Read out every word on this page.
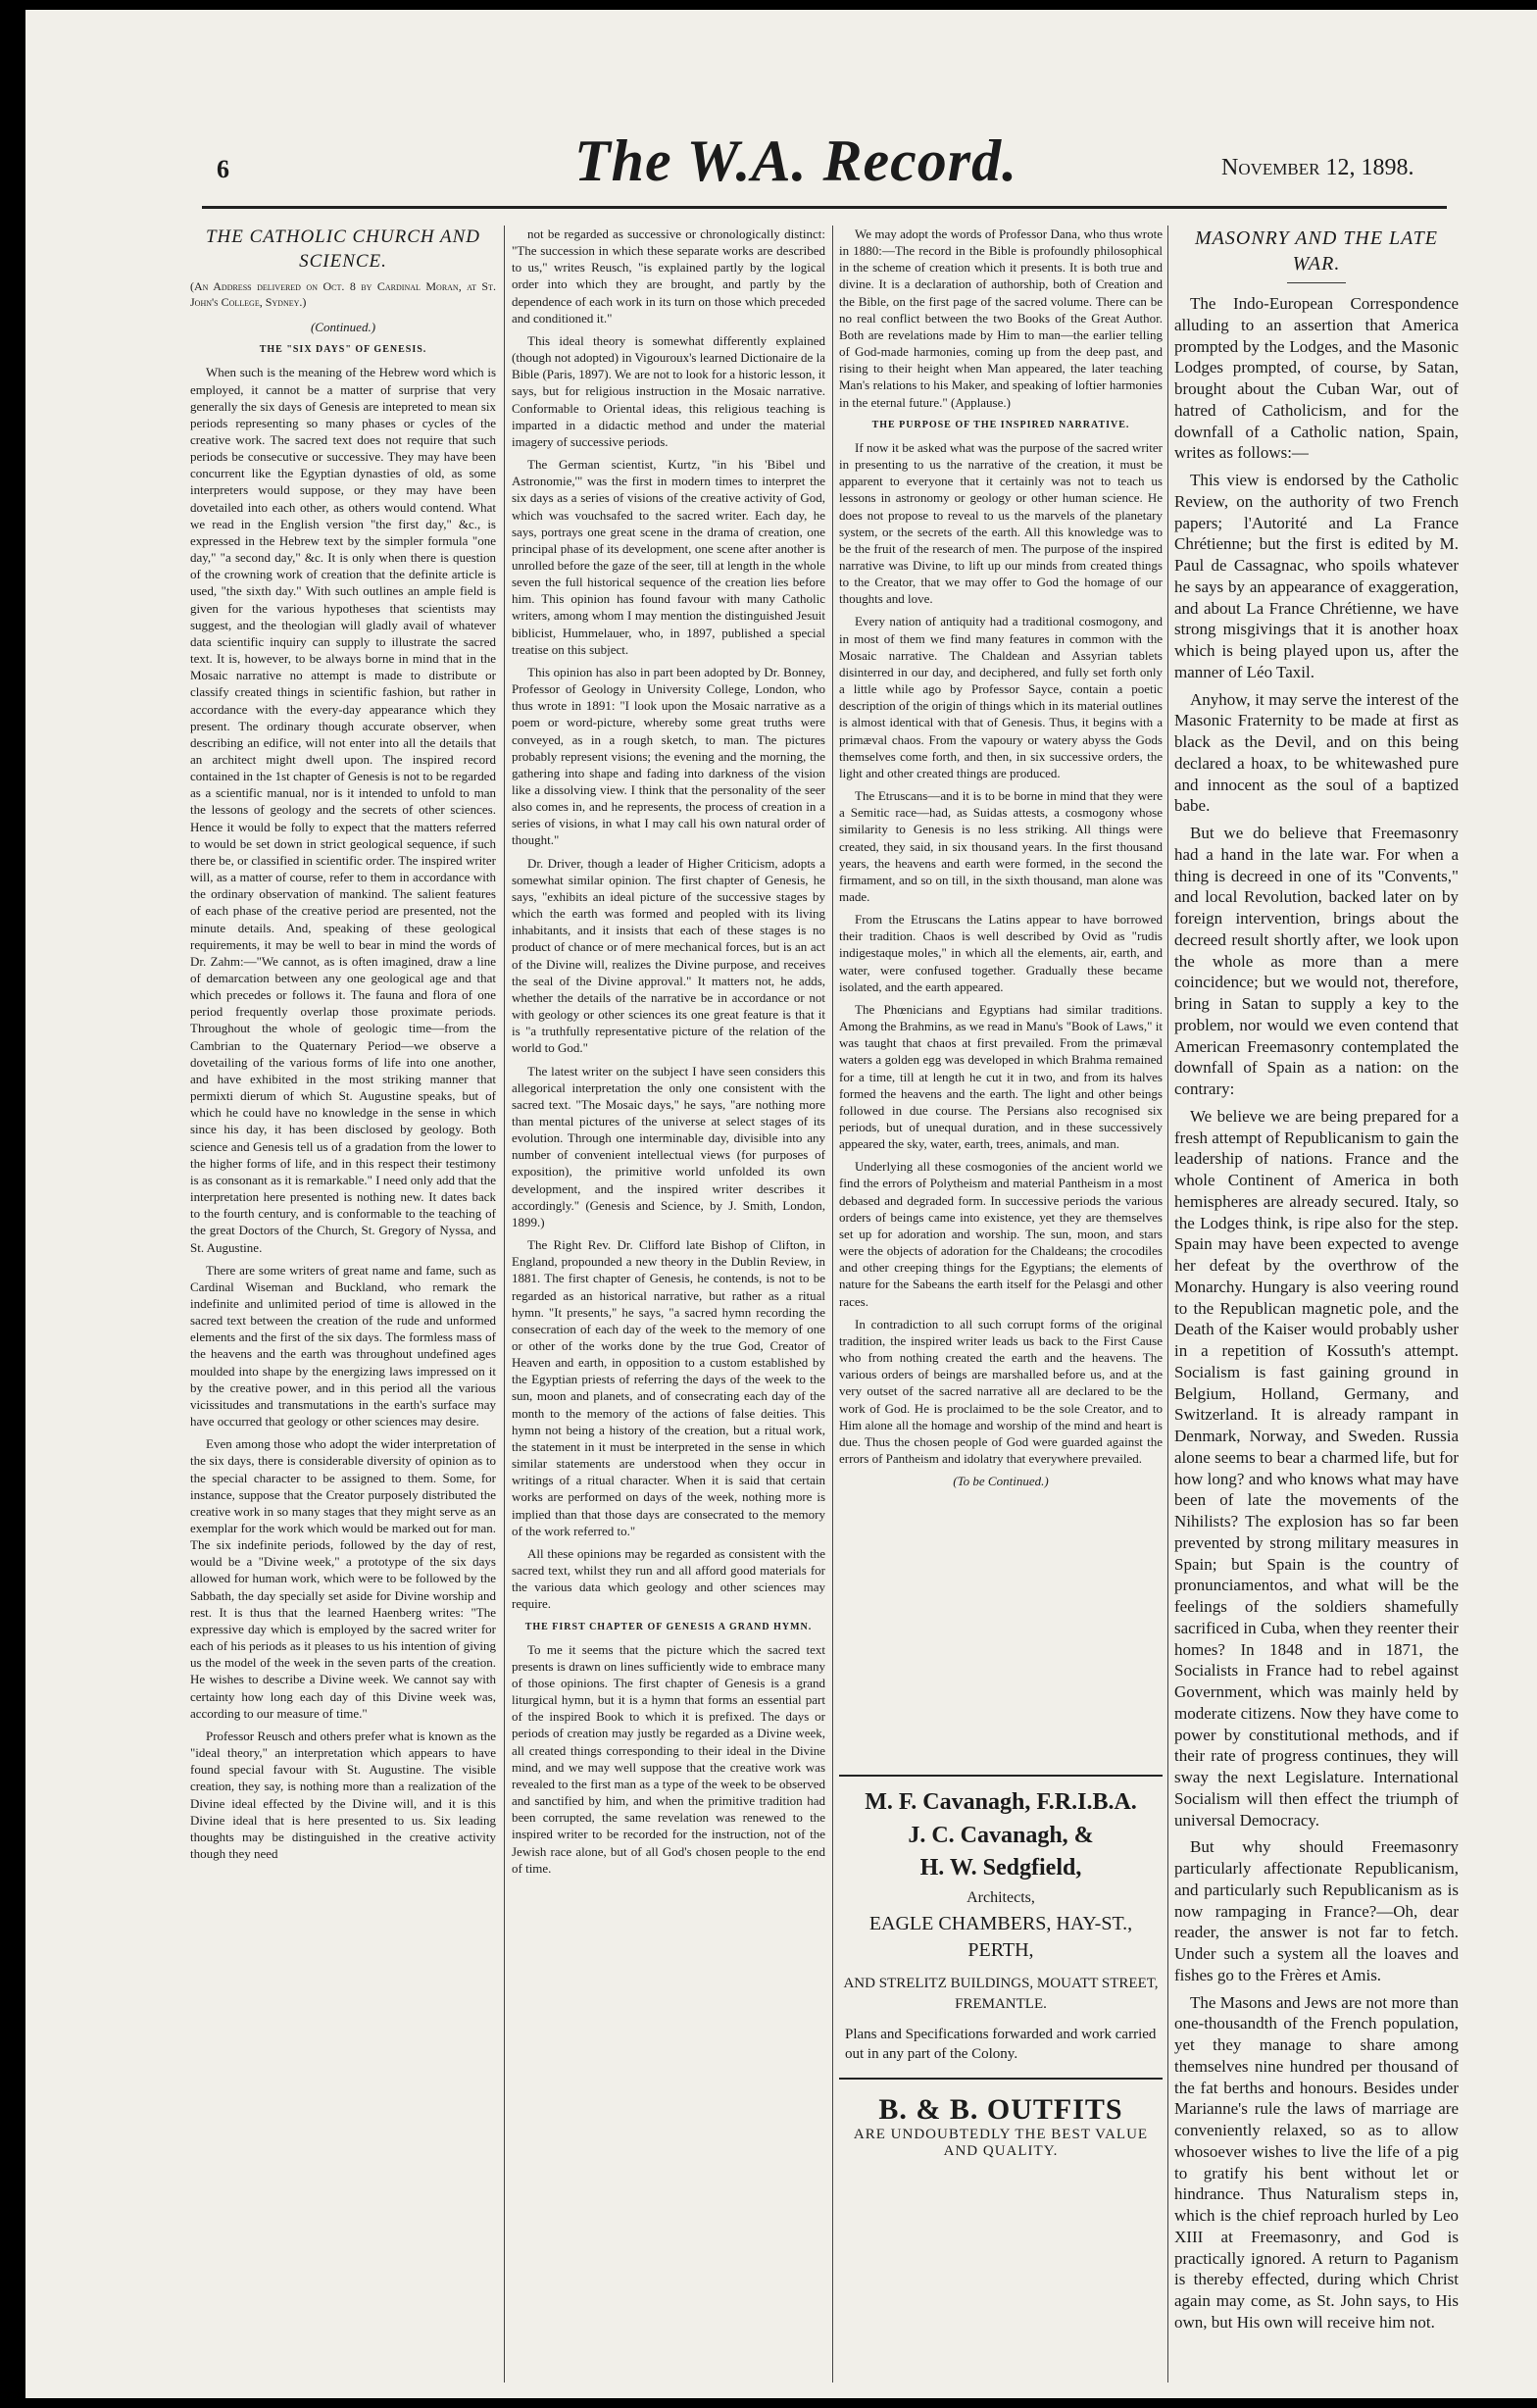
6	The W.A. Record.	November 12, 1898.

THE CATHOLIC CHURCH AND SCIENCE.

(An Address delivered on Oct. 8 by Cardinal Moran, at St. John's College, Sydney.)

(Continued.)

THE "SIX DAYS" OF GENESIS.

When such is the meaning of the Hebrew word which is employed, it cannot be a matter of surprise that very generally the six days of Genesis are intepreted to mean six periods representing so many phases or cycles of the creative work. The sacred text does not require that such periods be consecutive or successive. They may have been concurrent like the Egyptian dynasties of old, as some interpreters would suppose, or they may have been dovetailed into each other, as others would contend. What we read in the English version "the first day," &c., is expressed in the Hebrew text by the simpler formula "one day," "a second day," &c. It is only when there is question of the crowning work of creation that the definite article is used, "the sixth day." With such outlines an ample field is given for the various hypotheses that scientists may suggest, and the theologian will gladly avail of whatever data scientific inquiry can supply to illustrate the sacred text. It is, however, to be always borne in mind that in the Mosaic narrative no attempt is made to distribute or classify created things in scientific fashion, but rather in accordance with the every-day appearance which they present. The ordinary though accurate observer, when describing an edifice, will not enter into all the details that an architect might dwell upon. The inspired record contained in the 1st chapter of Genesis is not to be regarded as a scientific manual, nor is it intended to unfold to man the lessons of geology and the secrets of other sciences. Hence it would be folly to expect that the matters referred to would be set down in strict geological sequence, if such there be, or classified in scientific order. The inspired writer will, as a matter of course, refer to them in accordance with the ordinary observation of mankind. The salient features of each phase of the creative period are presented, not the minute details. And, speaking of these geological requirements, it may be well to bear in mind the words of Dr. Zahm:—"We cannot, as is often imagined, draw a line of demarcation between any one geological age and that which precedes or follows it. The fauna and flora of one period frequently overlap those proximate periods. Throughout the whole of geologic time—from the Cambrian to the Quaternary Period—we observe a dovetailing of the various forms of life into one another, and have exhibited in the most striking manner that permixti dierum of which St. Augustine speaks, but of which he could have no knowledge in the sense in which since his day, it has been disclosed by geology. Both science and Genesis tell us of a gradation from the lower to the higher forms of life, and in this respect their testimony is as consonant as it is remarkable." I need only add that the interpretation here presented is nothing new. It dates back to the fourth century, and is conformable to the teaching of the great Doctors of the Church, St. Gregory of Nyssa, and St. Augustine.

There are some writers of great name and fame, such as Cardinal Wiseman and Buckland, who remark the indefinite and unlimited period of time is allowed in the sacred text between the creation of the rude and unformed elements and the first of the six days. The formless mass of the heavens and the earth was throughout undefined ages moulded into shape by the energizing laws impressed on it by the creative power, and in this period all the various vicissitudes and transmutations in the earth's surface may have occurred that geology or other sciences may desire.

Even among those who adopt the wider interpretation of the six days, there is considerable diversity of opinion as to the special character to be assigned to them. Some, for instance, suppose that the Creator purposely distributed the creative work in so many stages that they might serve as an exemplar for the work which would be marked out for man. The six indefinite periods, followed by the day of rest, would be a "Divine week," a prototype of the six days allowed for human work, which were to be followed by the Sabbath, the day specially set aside for Divine worship and rest. It is thus that the learned Haenberg writes: "The expressive day which is employed by the sacred writer for each of his periods as it pleases to us his intention of giving us the model of the week in the seven parts of the creation. He wishes to describe a Divine week. We cannot say with certainty how long each day of this Divine week was, according to our measure of time."

Professor Reusch and others prefer what is known as the "ideal theory," an interpretation which appears to have found special favour with St. Augustine. The visible creation, they say, is nothing more than a realization of the Divine ideal effected by the Divine will, and it is this Divine ideal that is here presented to us. Six leading thoughts may be distinguished in the creative activity though they need

not be regarded as successive or chronologically distinct: "The succession in which these separate works are described to us," writes Reusch, "is explained partly by the logical order into which they are brought, and partly by the dependence of each work in its turn on those which preceded and conditioned it."

This ideal theory is somewhat differently explained (though not adopted) in Vigouroux's learned Dictionaire de la Bible (Paris, 1897). We are not to look for a historic lesson, it says, but for religious instruction in the Mosaic narrative. Conformable to Oriental ideas, this religious teaching is imparted in a didactic method and under the material imagery of successive periods.

The German scientist, Kurtz, "in his 'Bibel und Astronomie,'" was the first in modern times to interpret the six days as a series of visions of the creative activity of God, which was vouchsafed to the sacred writer. Each day, he says, portrays one great scene in the drama of creation, one principal phase of its development, one scene after another is unrolled before the gaze of the seer, till at length in the whole seven the full historical sequence of the creation lies before him. This opinion has found favour with many Catholic writers, among whom I may mention the distinguished Jesuit biblicist, Hummelauer, who, in 1897, published a special treatise on this subject.

This opinion has also in part been adopted by Dr. Bonney, Professor of Geology in University College, London, who thus wrote in 1891: "I look upon the Mosaic narrative as a poem or word-picture, whereby some great truths were conveyed, as in a rough sketch, to man. The pictures probably represent visions; the evening and the morning, the gathering into shape and fading into darkness of the vision like a dissolving view. I think that the personality of the seer also comes in, and he represents, the process of creation in a series of visions, in what I may call his own natural order of thought."

Dr. Driver, though a leader of Higher Criticism, adopts a somewhat similar opinion. The first chapter of Genesis, he says, "exhibits an ideal picture of the successive stages by which the earth was formed and peopled with its living inhabitants, and it insists that each of these stages is no product of chance or of mere mechanical forces, but is an act of the Divine will, realizes the Divine purpose, and receives the seal of the Divine approval." It matters not, he adds, whether the details of the narrative be in accordance or not with geology or other sciences its one great feature is that it is "a truthfully representative picture of the relation of the world to God."

The latest writer on the subject I have seen considers this allegorical interpretation the only one consistent with the sacred text. "The Mosaic days," he says, "are nothing more than mental pictures of the universe at select stages of its evolution. Through one interminable day, divisible into any number of convenient intellectual views (for purposes of exposition), the primitive world unfolded its own development, and the inspired writer describes it accordingly." (Genesis and Science, by J. Smith, London, 1899.)

The Right Rev. Dr. Clifford late Bishop of Clifton, in England, propounded a new theory in the Dublin Review, in 1881. The first chapter of Genesis, he contends, is not to be regarded as an historical narrative, but rather as a ritual hymn. "It presents," he says, "a sacred hymn recording the consecration of each day of the week to the memory of one or other of the works done by the true God, Creator of Heaven and earth, in opposition to a custom established by the Egyptian priests of referring the days of the week to the sun, moon and planets, and of consecrating each day of the month to the memory of the actions of false deities. This hymn not being a history of the creation, but a ritual work, the statement in it must be interpreted in the sense in which similar statements are understood when they occur in writings of a ritual character. When it is said that certain works are performed on days of the week, nothing more is implied than that those days are consecrated to the memory of the work referred to."

All these opinions may be regarded as consistent with the sacred text, whilst they run and all afford good materials for the various data which geology and other sciences may require.

THE FIRST CHAPTER OF GENESIS A GRAND HYMN.

To me it seems that the picture which the sacred text presents is drawn on lines sufficiently wide to embrace many of those opinions. The first chapter of Genesis is a grand liturgical hymn, but it is a hymn that forms an essential part of the inspired Book to which it is prefixed. The days or periods of creation may justly be regarded as a Divine week, all created things corresponding to their ideal in the Divine mind, and we may well suppose that the creative work was revealed to the first man as a type of the week to be observed and sanctified by him, and when the primitive tradition had been corrupted, the same revelation was renewed to the inspired writer to be recorded for the instruction, not of the Jewish race alone, but of all God's chosen people to the end of time.

We may adopt the words of Professor Dana, who thus wrote in 1880:—The record in the Bible is profoundly philosophical in the scheme of creation which it presents. It is both true and divine. It is a declaration of authorship, both of Creation and the Bible, on the first page of the sacred volume. There can be no real conflict between the two Books of the Great Author. Both are revelations made by Him to man—the earlier telling of God-made harmonies, coming up from the deep past, and rising to their height when Man appeared, the later teaching Man's relations to his Maker, and speaking of loftier harmonies in the eternal future." (Applause.)

THE PURPOSE OF THE INSPIRED NARRATIVE.

If now it be asked what was the purpose of the sacred writer in presenting to us the narrative of the creation, it must be apparent to everyone that it certainly was not to teach us lessons in astronomy or geology or other human science. He does not propose to reveal to us the marvels of the planetary system, or the secrets of the earth. All this knowledge was to be the fruit of the research of men. The purpose of the inspired narrative was Divine, to lift up our minds from created things to the Creator, that we may offer to God the homage of our thoughts and love.

Every nation of antiquity had a traditional cosmogony, and in most of them we find many features in common with the Mosaic narrative. The Chaldean and Assyrian tablets disinterred in our day, and deciphered, and fully set forth only a little while ago by Professor Sayce, contain a poetic description of the origin of things which in its material outlines is almost identical with that of Genesis. Thus, it begins with a primæval chaos. From the vapoury or watery abyss the Gods themselves come forth, and then, in six successive orders, the light and other created things are produced.

The Etruscans—and it is to be borne in mind that they were a Semitic race—had, as Suidas attests, a cosmogony whose similarity to Genesis is no less striking. All things were created, they said, in six thousand years. In the first thousand years, the heavens and earth were formed, in the second the firmament, and so on till, in the sixth thousand, man alone was made.

From the Etruscans the Latins appear to have borrowed their tradition. Chaos is well described by Ovid as "rudis indigestaque moles," in which all the elements, air, earth, and water, were confused together. Gradually these became isolated, and the earth appeared.

The Phœnicians and Egyptians had similar traditions. Among the Brahmins, as we read in Manu's "Book of Laws," it was taught that chaos at first prevailed. From the primæval waters a golden egg was developed in which Brahma remained for a time, till at length he cut it in two, and from its halves formed the heavens and the earth. The light and other beings followed in due course. The Persians also recognised six periods, but of unequal duration, and in these successively appeared the sky, water, earth, trees, animals, and man.

Underlying all these cosmogonies of the ancient world we find the errors of Polytheism and material Pantheism in a most debased and degraded form. In successive periods the various orders of beings came into existence, yet they are themselves set up for adoration and worship. The sun, moon, and stars were the objects of adoration for the Chaldeans; the crocodiles and other creeping things for the Egyptians; the elements of nature for the Sabeans the earth itself for the Pelasgi and other races.

In contradiction to all such corrupt forms of the original tradition, the inspired writer leads us back to the First Cause who from nothing created the earth and the heavens. The various orders of beings are marshalled before us, and at the very outset of the sacred narrative all are declared to be the work of God. He is proclaimed to be the sole Creator, and to Him alone all the homage and worship of the mind and heart is due. Thus the chosen people of God were guarded against the errors of Pantheism and idolatry that everywhere prevailed.

(To be Continued.)

M. F. Cavanagh, F.R.I.B.A.
J. C. Cavanagh, &
H. W. Sedgfield,
Architects,
EAGLE CHAMBERS, HAY-ST.,
PERTH,
AND STRELITZ BUILDINGS, MOUATT STREET, FREMANTLE.
Plans and Specifications forwarded and work carried out in any part of the Colony.
B. & B. OUTFITS
ARE UNDOUBTEDLY THE BEST VALUE AND QUALITY.

MASONRY AND THE LATE WAR.

The Indo-European Correspondence alluding to an assertion that America prompted by the Lodges, and the Masonic Lodges prompted, of course, by Satan, brought about the Cuban War, out of hatred of Catholicism, and for the downfall of a Catholic nation, Spain, writes as follows:—

This view is endorsed by the Catholic Review, on the authority of two French papers; l'Autorité and La France Chrétienne; but the first is edited by M. Paul de Cassagnac, who spoils whatever he says by an appearance of exaggeration, and about La France Chrétienne, we have strong misgivings that it is another hoax which is being played upon us, after the manner of Léo Taxil.

Anyhow, it may serve the interest of the Masonic Fraternity to be made at first as black as the Devil, and on this being declared a hoax, to be whitewashed pure and innocent as the soul of a baptized babe.

But we do believe that Freemasonry had a hand in the late war. For when a thing is decreed in one of its "Convents," and local Revolution, backed later on by foreign intervention, brings about the decreed result shortly after, we look upon the whole as more than a mere coincidence; but we would not, therefore, bring in Satan to supply a key to the problem, nor would we even contend that American Freemasonry contemplated the downfall of Spain as a nation: on the contrary:

We believe we are being prepared for a fresh attempt of Republicanism to gain the leadership of nations. France and the whole Continent of America in both hemispheres are already secured. Italy, so the Lodges think, is ripe also for the step. Spain may have been expected to avenge her defeat by the overthrow of the Monarchy. Hungary is also veering round to the Republican magnetic pole, and the Death of the Kaiser would probably usher in a repetition of Kossuth's attempt. Socialism is fast gaining ground in Belgium, Holland, Germany, and Switzerland. It is already rampant in Denmark, Norway, and Sweden. Russia alone seems to bear a charmed life, but for how long? and who knows what may have been of late the movements of the Nihilists? The explosion has so far been prevented by strong military measures in Spain; but Spain is the country of pronunciamentos, and what will be the feelings of the soldiers shamefully sacrificed in Cuba, when they reenter their homes? In 1848 and in 1871, the Socialists in France had to rebel against Government, which was mainly held by moderate citizens. Now they have come to power by constitutional methods, and if their rate of progress continues, they will sway the next Legislature. International Socialism will then effect the triumph of universal Democracy.

But why should Freemasonry particularly affectionate Republicanism, and particularly such Republicanism as is now rampaging in France?—Oh, dear reader, the answer is not far to fetch. Under such a system all the loaves and fishes go to the Frères et Amis.

The Masons and Jews are not more than one-thousandth of the French population, yet they manage to share among themselves nine hundred per thousand of the fat berths and honours. Besides under Marianne's rule the laws of marriage are conveniently relaxed, so as to allow whosoever wishes to live the life of a pig to gratify his bent without let or hindrance. Thus Naturalism steps in, which is the chief reproach hurled by Leo XIII at Freemasonry, and God is practically ignored. A return to Paganism is thereby effected, during which Christ again may come, as St. John says, to His own, but His own will receive him not.
